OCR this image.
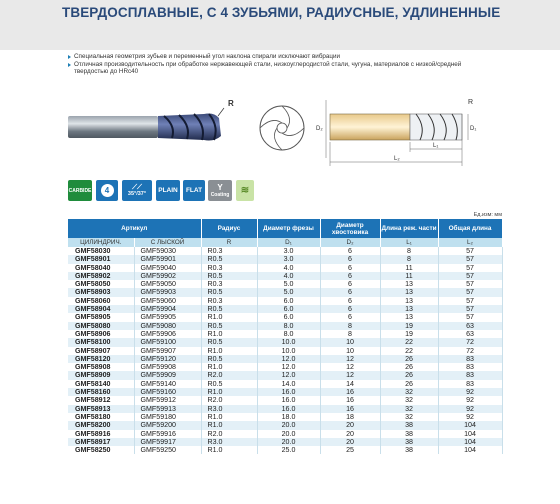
ТВЕРДОСПЛАВНЫЕ, С 4 ЗУБЬЯМИ, РАДИУСНЫЕ, УДЛИНЕННЫЕ
Специальная геометрия зубьев и переменный угол наклона спирали исключают вибрации
Отличная производительность при обработке нержавеющей стали, низкоуглеродистой стали, чугуна, материалов с низкой/средней
твердостью до HRc40
R
D₂	D₁
L₁
L₂
R
CARBIDE	4	⟋⟋
35°/37° PLAIN FLAT Y
Coating ≋
Ед.изм: мм
Артикул		Радиус	Диаметр фрезы	Диаметр хвостовика	Длина реж. части	Общая длина
ЦИЛИНДРИЧ.	С ЛЫСКОЙ	R	D₁	D₂	L₁	L₂
GMF58030	GMF59030	R0.3	3.0	6	8	57
GMF58901	GMF59901	R0.5	3.0	6	8	57
GMF58040	GMF59040	R0.3	4.0	6	11	57
GMF58902	GMF59902	R0.5	4.0	6	11	57
GMF58050	GMF59050	R0.3	5.0	6	13	57
GMF58903	GMF59903	R0.5	5.0	6	13	57
GMF58060	GMF59060	R0.3	6.0	6	13	57
GMF58904	GMF59904	R0.5	6.0	6	13	57
GMF58905	GMF59905	R1.0	6.0	6	13	57
GMF58080	GMF59080	R0.5	8.0	8	19	63
GMF58906	GMF59906	R1.0	8.0	8	19	63
GMF58100	GMF59100	R0.5	10.0	10	22	72
GMF58907	GMF59907	R1.0	10.0	10	22	72
GMF58120	GMF59120	R0.5	12.0	12	26	83
GMF58908	GMF59908	R1.0	12.0	12	26	83
GMF58909	GMF59909	R2.0	12.0	12	26	83
GMF58140	GMF59140	R0.5	14.0	14	26	83
GMF58160	GMF59160	R1.0	16.0	16	32	92
GMF58912	GMF59912	R2.0	16.0	16	32	92
GMF58913	GMF59913	R3.0	16.0	16	32	92
GMF58180	GMF59180	R1.0	18.0	18	32	92
GMF58200	GMF59200	R1.0	20.0	20	38	104
GMF58916	GMF59916	R2.0	20.0	20	38	104
GMF58917	GMF59917	R3.0	20.0	20	38	104
GMF58250	GMF59250	R1.0	25.0	25	38	104
